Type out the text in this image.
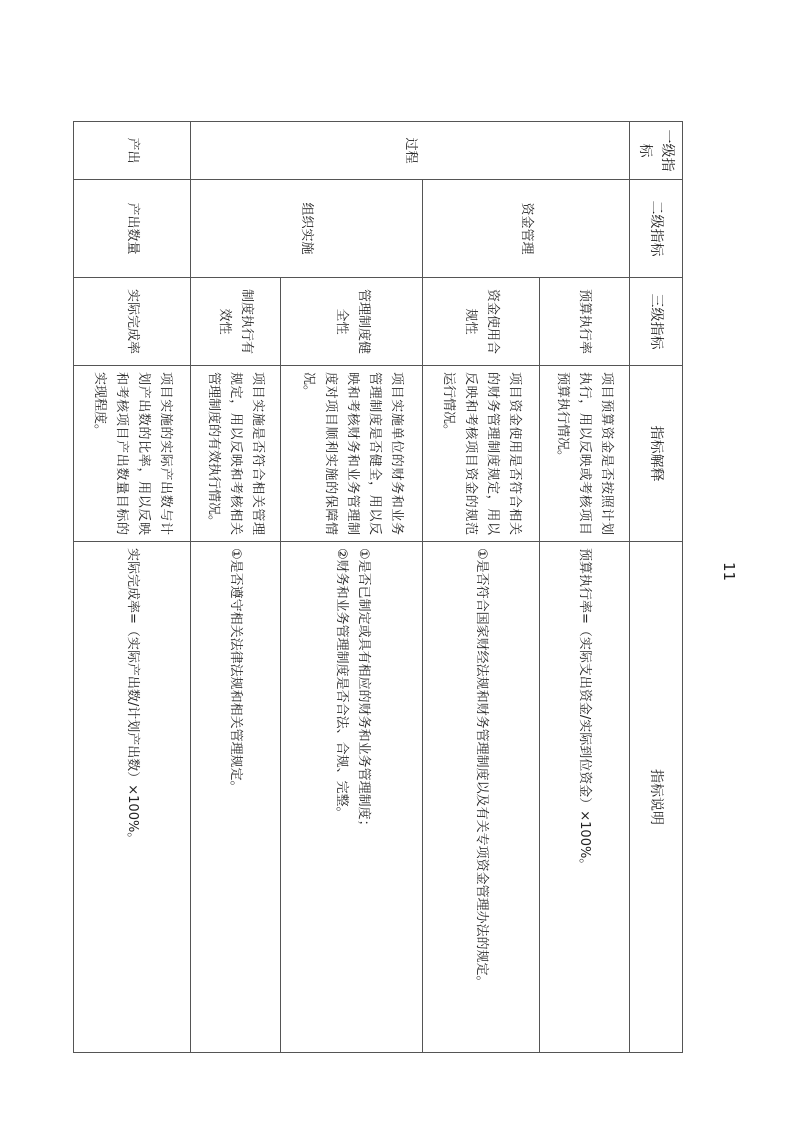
一级指标	二级指标	三级指标	指标解释	指标说明
过程	资金管理	预算执行率	项目预算资金是否按照计划执行，用以反映或考核项目预算执行情况。	预算执行率=（实际支出资金/实际到位资金）×100%。
		资金使用合规性	项目资金使用是否符合相关的财务管理制度规定，用以反映和考核项目资金的规范运行情况。	①是否符合国家财经法规和财务管理制度以及有关专项资金管理办法的规定。
	组织实施	管理制度健全性	项目实施单位的财务和业务管理制度是否健全，用以反映和考核财务和业务管理制度对项目顺利实施的保障情况。	①是否已制定或具有相应的财务和业务管理制度；
②财务和业务管理制度是否合法、合规、完整。

		制度执行有效性	项目实施是否符合相关管理规定，用以反映和考核相关管理制度的有效执行情况。	①是否遵守相关法律法规和相关管理规定。
产出	产出数量	实际完成率	项目实施的实际产出数与计划产出数的比率，用以反映和考核项目产出数量目标的实现程度。	实际完成率=（实际产出数/计划产出数）×100%。	11
